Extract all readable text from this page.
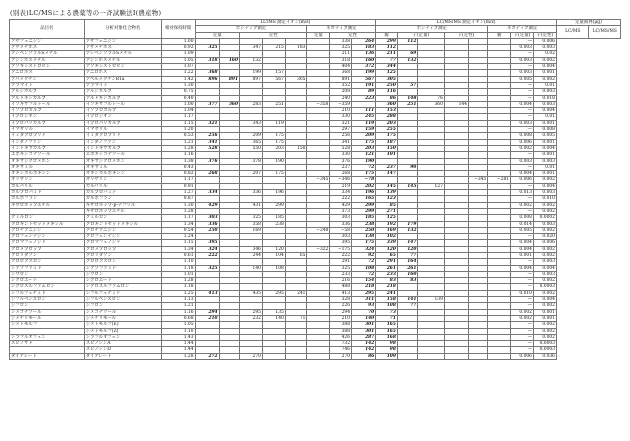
(別表)LC/MSによる農薬等の一斉試験法Ⅰ(農産物)
品目名	分析対象化合物名	相対保持時間	LC/MS 測定イオン(m/z)								LC/MS/MS 測定イオン(m/z)								定量限界(μg)	
			ポジティブ測定					ネガティブ測定			ポジティブ測定					ネガティブ測定			LC/MS	LC/MS/MS
			定量		定性			定量	定性		親	子(定量)		子(定性)		親	子(定量)	子(定性)		
アザフェニジン	アザフェニジン	1.00							338	264	299	112					—	0.006		
アザメチホス	アザメチホス	0.92	325		347	215	183		325	183	112						0.003	0.003		
アシベンゾラルSメチル	アシベンゾラルSメチル	1.09							211	136	211	69					—	0.02		
アジンホスメチル	アジンホスメチル	1.05	318	160	132				318	160	77	132					0.003	0.002		
アゾキシストロビン	アゾキシストロビン	1.07							404	372	344						—	0.004		
アニロホス	アニロホス	1.22	368		199	157			368	199	125						0.003	0.001		
アバメクチン	アベルメクチンB1a	1.42	896	891	897	567	305		891	567	305						0.005	0.002		
アラマイト	アラマイト	1.30							352	191	250	57					—	0.01		
アルジカルブ	アルジカルブ	0.75							208	89	116						—	0.003		
アルドキシカルブ	アルドキシカルブ	0.40							240	223	86	148	76				—	0.018		
イソキサフルトール	イソキサフルトール	1.00	377	360	283	251		−358	−359		360	251	360	144			0.004	0.003		
イソプロカルブ	イソプロカルブ	1.04							210	111	153						—	0.004		
イプロジオン	イプロジオン	1.17							330	245	288						—	0.01		
イプロバリカルブ	イプロバリカルブ	1.15	321		343	119			321	119	203						0.003	0.001		
イマザリル	イマザリル	1.20							297	159	255						—	0.008		
イミダクロプリド	イミダクロプリド	0.53	256		209	175			256	209	175						0.008	0.005		
インダノファン	インダノファン	1.21	341		365	175			341	175	187						0.006	0.001		
インドキサカルブ	インドキサカルブ	1.28	528		550	203	150		528	203	150						0.002	0.004		
エポキシコナゾール	エポキシコナゾール	1.16							330	121	101						—	0.001		
オキサジクロメホン	オキサジクロメホン	1.38	376		378	190			376	190							0.003	0.003		
オキサミル	オキサミル	0.43							237	72	237	90					—	0.01		
オキシカルボキシン	オキシカルボキシン	0.82	268		207	175			268	175	147						0.004	0.001		
オリザリン	オリザリン	1.17						−345	−346	−78					−345	−281	0.006	0.002		
カルバリル	カルバリル	0.91							219	202	145	145	127				—	0.004		
カルプロパミド	カルプロパミド	1.27	334		336	196			334	196	139						0.013	0.003		
カルボフラン	カルボフラン	0.87							222	165	123						—	0.010		
キザロホップエチル	キザロホップ-p-テフリル	1.30	429		431	299			429	299	85						0.002	0.002		
	キザロホップエチル	1.28							373	299	271						—	0.002		
クミルロン	クミルロン	1.17	303		325	185			303	185	125						0.008	0.0002		
クロキントセットメキシル	クロキントセットメキシル	1.34	336		358	238			336	238	192	179					0.014	0.003		
クロチアニジン	クロチアニジン	0.54	250		169			−248	−58	250	169	132					0.005	0.002		
クロフェンテジン	クロフェンテジン	1.24							303	138	102						—	0.020		
クロマフェノジド	クロマフェノジド	1.15	395						395	175	339	147					0.004	0.006		
クロメプロップ	クロメプロップ	1.34	324		346	120		−322	−175	324	120	120					0.004	0.002		
クロリダゾン	クロリダゾン	0.61	222		244	104	65		222	92	65	77					0.001	0.002		
クロロクスロン	クロロクスロン	1.10							291	72	291	164					—	0.003		
シアゾファミド	シアゾファミド	1.18	325		140	108			325	108	261	261					0.004	0.004		
ジウロン	ジウロン	1.01							233	72	233	160					—	0.003		
シクロエート	シクロエート	1.28							216	154	83	83					—	0.002		
シクロスルファムロン	シクロスルファムロン	1.18							488	218	218						—	0.0003		
シフルフェナミド	シフルフェナミド	1.25	413		435	295	241		413	295	241						0.010	0.002		
ジフルベンズロン	ジフルベンズロン	1.13							328	311	158	141	139				—	0.004		
ジフロン	ジフロン	1.21							226	93	108	77					—	0.002		
シメコナゾール	シメコナゾール	1.16	294		295	135			294	70	73						0.002	0.001		
ジメチリモール	ジメチリモール	0.68	210		232	140	71		210	140	71						0.002	0.001		
ジメトモルフ	ジメトモルフ(E)	1.05							388	301	165						—	0.002		
	ジメトモルフ(Z)	1.10							388	301	165						—	0.002		
シラフルオフェン	シラフルオフェン	1.43							426	287	168						—	0.002		
スピノサド	スピノシンA	1.44							732	142	98						—	0.0003		
	スピノシンD	1.44							746	142	98						—	0.0003		
ダイアレート	ダイアレート	1.28	272		270				270	86	109						0.006	0.036		
